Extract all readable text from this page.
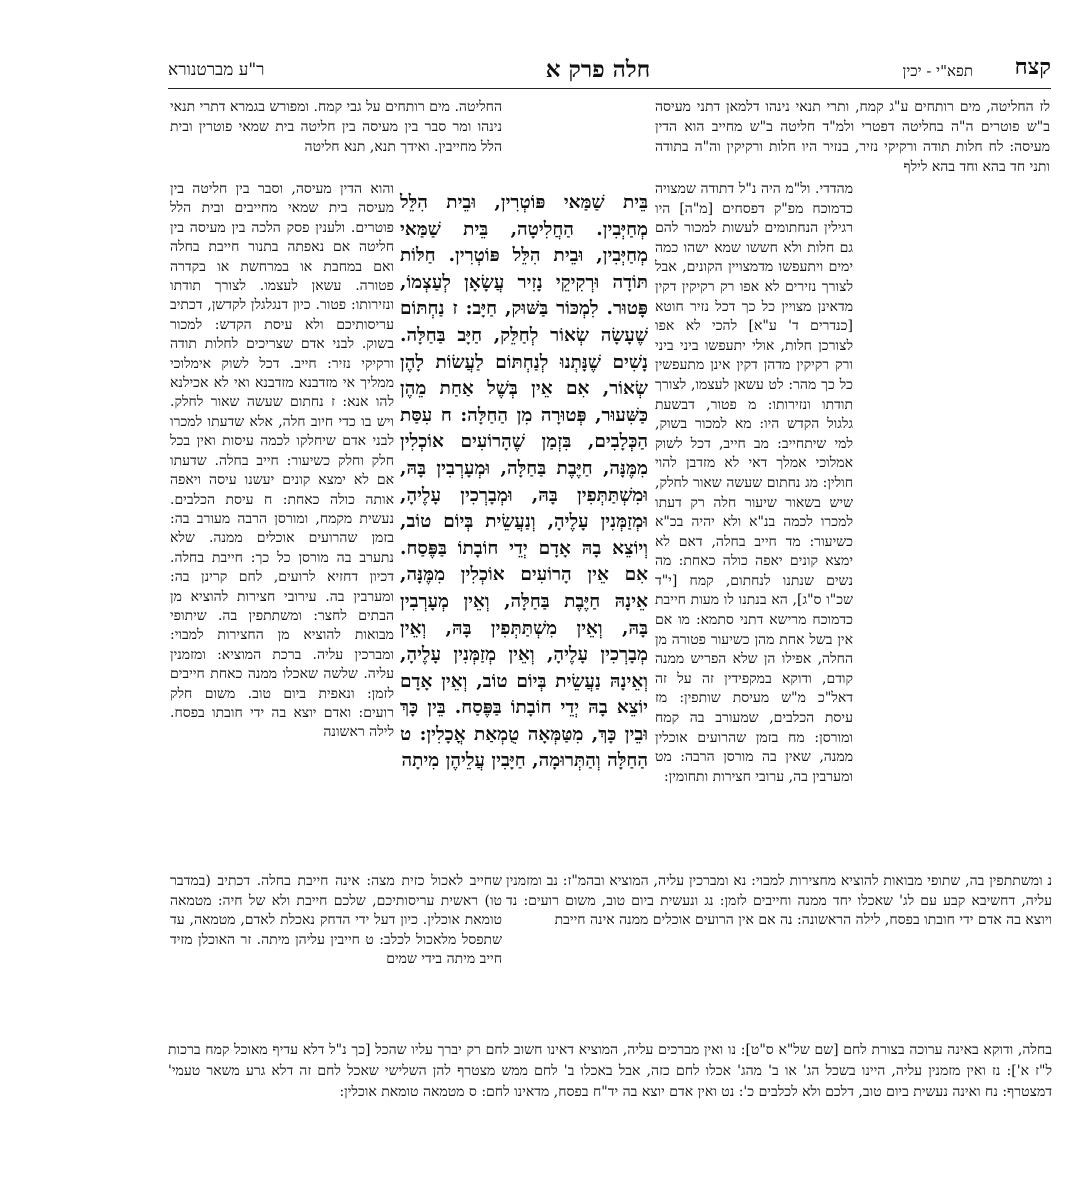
קצח
תפא"י - יכין
חלה פרק א
ר"ע מברטנורא
לז החליטה, מים רותחים ע"ג קמח, ותרי תנאי נינהו דלמאן דתני מעיסה ב"ש פוטרים ה"ה בחליטה דפטרי ולמ"ד חליטה ב"ש מחייב הוא הדין מעיסה: לח חלות תודה ורקיקי נזיר, בנזיר היו חלות ורקיקין וה"ה בתודה ותני חד בהא וחד בהא לילף
מהדדי. ול"מ היה נ"ל דתודה שמצויה כדמוכח מפ"ק דפסחים [מ"ה] היו רגילין הנחתומים לעשות למכור להם גם חלות ולא חששו שמא ישהו כמה ימים ויתעפשו מדמצויין הקונים, אבל לצורך נזירים לא אפו רק רקיקין דקין מדאינן מצויין כל כך דכל נזיר חוטא [כנדרים ד' ע"א] להכי לא אפו לצורכן חלות, אולי יתעפשו ביני ביני ורק רקיקין מדהן דקין אינן מתעפשין כל כך מהר: לט עשאן לעצמו, לצורך תודתו ונזירותו: מ פטור, דבשעת גלגול הקדש היו: מא למכור בשוק, למי שיתחייב: מב חייב, דכל לשוק אמלוכי אמלך דאי לא מזדבן להוי חולין: מג נחתום שעשה שאור לחלק, שיש בשאור שיעור חלה רק דעתו למכרו לכמה בנ"א ולא יהיה בכ"א כשיעור: מד חייב בחלה, דאם לא ימצא קונים יאפה כולה כאחת: מה נשים שנתנו לנחתום, קמח [י"ד שכ"ו ס"ג], הא בנתנו לו מעות חייבת כדמוכח מרישא דתני סתמא: מו אם אין בשל אחת מהן כשיעור פטורה מן החלה, אפילו הן שלא הפריש ממנה קודם, ודוקא במקפידין זה על זה דאל"כ מ"ש מעיסת שותפין: מז עיסת הכלבים, שמעורב בה קמח ומורסן: מח בזמן שהרועים אוכלין ממנה, שאין בה מורסן הרבה: מט ומערבין בה, ערובי חצירות ותחומין:
נ ומשתתפין בה, שתופי מבואות להוציא מחצירות למבוי: נא ומברכין עליה, המוציא ובהמ"ז: נב ומזמנין עליה, דחשיבא קבע עם לג' שאכלו יחד ממנה וחייבים לזמן: נג ונעשית ביום טוב, משום רועים: נד ויוצא בה אדם ידי חובתו בפסח, לילה הראשונה: נה אם אין הרועים אוכלים ממנה אינה חייבת
בֵּית שַׁמַּאי פּוֹטְרִין, וּבֵית הִלֵּל מְחַיְּבִין. הַחֲלִיטָה, בֵּית שַׁמַּאי מְחַיְּבִין, וּבֵית הִלֵּל פּוֹטְרִין. חַלּוֹת תּוֹדָה וּרְקִיקֵי נָזִיר עֲשָׂאָן לְעַצְמוֹ, פָּטוּר. לִמְכּוֹר בַּשּׁוּק, חַיָּב: ז נַחְתּוֹם שֶׁעָשָׂה שְׂאוֹר לְחַלֵּק, חַיָּב בַּחַלָּה. נָשִׁים שֶׁנָּתְנוּ לְנַחְתּוֹם לַעֲשׂוֹת לָהֶן שְׂאוֹר, אִם אֵין בְּשֶׁל אַחַת מֵהֶן כַּשִּׁעוּר, פְּטוּרָה מִן הַחַלָּה: ח עִסַּת הַכְּלָבִים, בִּזְמַן שֶׁהָרוֹעִים אוֹכְלִין מִמֶּנָּה, חַיֶּבֶת בַּחַלָּה, וּמְעָרְבִין בָּהּ, וּמִשְׁתַּתְּפִין בָּהּ, וּמְבָרְכִין עָלֶיהָ, וּמְזַמְּנִין עָלֶיהָ, וְנַעֲשֵׂית בְּיוֹם טוֹב, וְיוֹצֵא בָהּ אָדָם יְדֵי חוֹבָתוֹ בַּפֶּסַח. אִם אֵין הָרוֹעִים אוֹכְלִין מִמֶּנָּה, אֵינָהּ חַיֶּבֶת בַּחַלָּה, וְאֵין מְעָרְבִין בָּהּ, וְאֵין מִשְׁתַּתְּפִין בָּהּ, וְאֵין מְבָרְכִין עָלֶיהָ, וְאֵין מְזַמְּנִין עָלֶיהָ, וְאֵינָהּ נַעֲשֵׂית בְּיוֹם טוֹב, וְאֵין אָדָם יוֹצֵא בָהּ יְדֵי חוֹבָתוֹ בַּפֶּסַח. בֵּין כָּךְ וּבֵין כָּךְ, מִטַּמְּאָה טֻמְאַת אֳכָלִין: ט הַחַלָּה וְהַתְּרוּמָה, חַיָּבִין עֲלֵיהֶן מִיתָה
החליטה. מים רותחים על גבי קמח. ומפורש בגמרא דתרי תנאי נינהו ומר סבר בין מעיסה בין חליטה בית שמאי פוטרין ובית הלל מחייבין. ואידך תנא, תנא חליטה
והוא הדין מעיסה, וסבר בין חליטה בין מעיסה בית שמאי מחייבים ובית הלל פוטרים. ולענין פסק הלכה בין מעיסה בין חליטה אם נאפתה בתנור חייבת בחלה ואם במחבת או במרחשת או בקדרה פטורה. עשאן לעצמו. לצורך תודתו ונזירותו: פטור. כיון דנגלגלן לקדשן, דכתיב עריסותיכם ולא עיסת הקדש: למכור בשוק. לבני אדם שצריכים לחלות תודה ורקיקי נזיר: חייב. דכל לשוק אימלוכי ממליך אי מזדבנא מזדבנא ואי לא אכילנא להו אנא: ז נחתום שעשה שאור לחלק. ויש בו כדי חיוב חלה, אלא שדעתו למכרו לבני אדם שיחלקו לכמה עיסות ואין בכל חלק וחלק כשיעור: חייב בחלה. שדעתו אם לא ימצא קונים יעשנו עיסה ויאפה אותה כולה כאחת: ח עיסת הכלבים. נעשית מקמח, ומורסן הרבה מעורב בה: בזמן שהרועים אוכלים ממנה. שלא נתערב בה מורסן כל כך: חייבת בחלה. דכיון דחזיא לרועים, לחם קרינן בה: ומערבין בה. עירובי חצירות להוציא מן הבתים לחצר: ומשתתפין בה. שיתופי מבואות להוציא מן החצירות למבוי: ומברכין עליה. ברכת המוציא: ומזמנין עליה. שלשה שאכלו ממנה כאחת חייבים לזמן: ונאפית ביום טוב. משום חלק רועים: ואדם יוצא בה ידי חובתו בפסח. לילה ראשונה
שחייב לאכול כזית מצה: אינה חייבת בחלה. דכתיב (במדבר טו) ראשית עריסותיכם, שלכם חייבת ולא של חיה: מטמאה טומאת אוכלין. כיון דעל ידי הדחק נאכלת לאדם, מטמאה, עד שתפסל מלאכול לכלב: ט חייבין עליהן מיתה. זר האוכלן מזיד חייב מיתה בידי שמים
בחלה, ודוקא באינה ערוכה בצורת לחם [שם של"א ס"ט]: נו ואין מברכים עליה, המוציא דאינו חשוב לחם רק יברך עליו שהכל [כך נ"ל דלא עדיף מאוכל קמח ברכות ל"ז א']: נז ואין מזמנין עליה, היינו בשכל הג' או ב' מהג' אכלו לחם כזה, אבל באכלו ב' לחם ממש מצטרף להן השלישי שאכל לחם זה דלא גרע משאר טעמי' דמצטרף: נח ואינה נעשית ביום טוב, דלכם ולא לכלבים כ': נט ואין אדם יוצא בה יד"ח בפסח, מדאינו לחם: ס מטמאה טומאת אוכלין:
